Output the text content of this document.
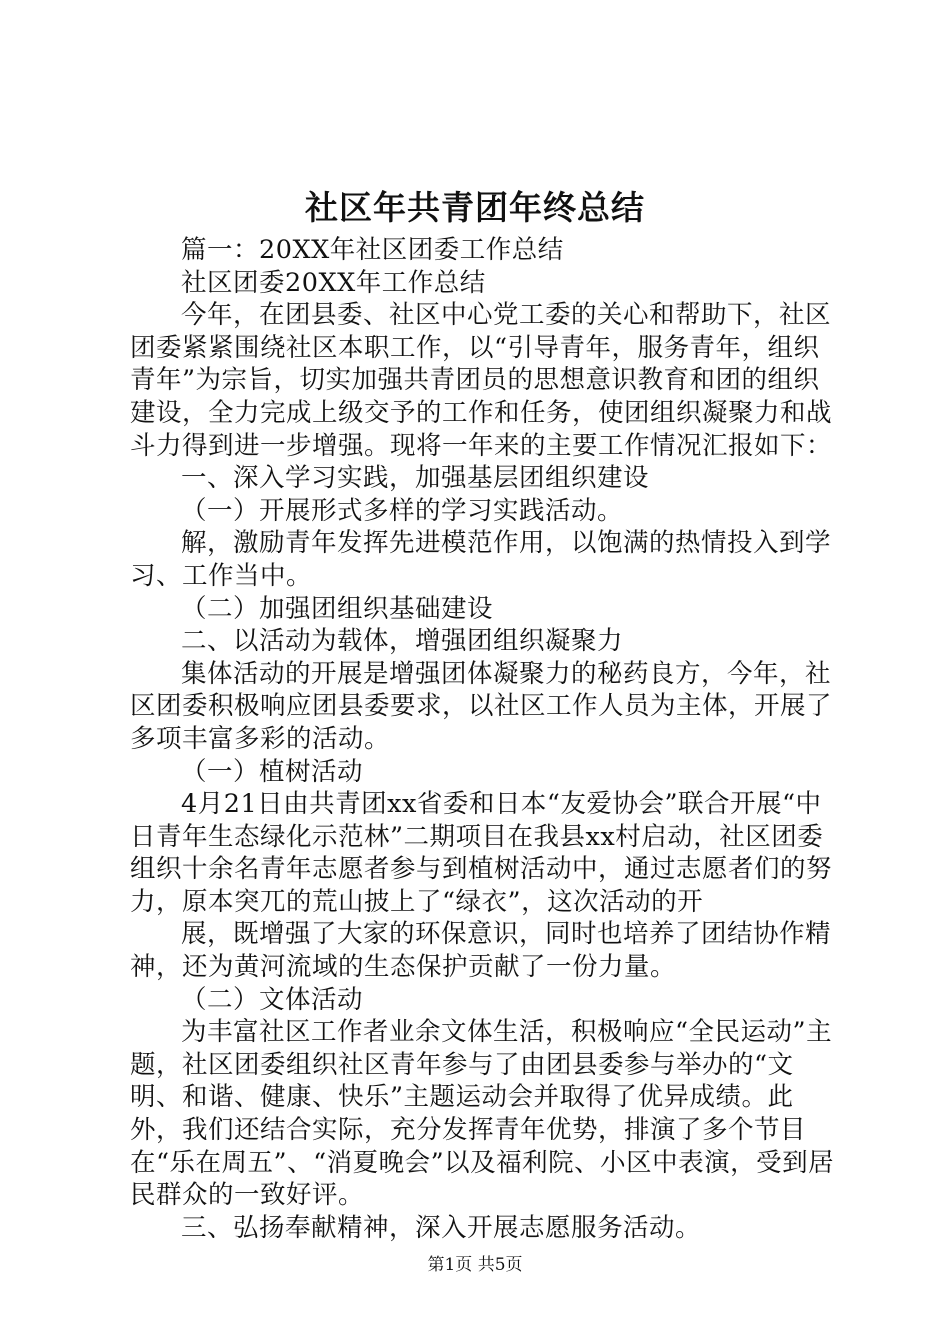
社区年共青团年终总结

篇一：20XX年社区团委工作总结

社区团委20XX年工作总结

今年，在团县委、社区中心党工委的关心和帮助下，社区团委紧紧围绕社区本职工作，以“引导青年，服务青年，组织青年”为宗旨，切实加强共青团员的思想意识教育和团的组织建设，全力完成上级交予的工作和任务，使团组织凝聚力和战斗力得到进一步增强。现将一年来的主要工作情况汇报如下：

一、深入学习实践，加强基层团组织建设

（一）开展形式多样的学习实践活动。

解，激励青年发挥先进模范作用，以饱满的热情投入到学习、工作当中。

（二）加强团组织基础建设

二、以活动为载体，增强团组织凝聚力

集体活动的开展是增强团体凝聚力的秘药良方，今年，社区团委积极响应团县委要求，以社区工作人员为主体，开展了多项丰富多彩的活动。

（一）植树活动

4月21日由共青团xx省委和日本“友爱协会”联合开展“中日青年生态绿化示范林”二期项目在我县xx村启动，社区团委组织十余名青年志愿者参与到植树活动中，通过志愿者们的努力，原本突兀的荒山披上了“绿衣”，这次活动的开

展，既增强了大家的环保意识，同时也培养了团结协作精神，还为黄河流域的生态保护贡献了一份力量。

（二）文体活动

为丰富社区工作者业余文体生活，积极响应“全民运动”主题，社区团委组织社区青年参与了由团县委参与举办的“文明、和谐、健康、快乐”主题运动会并取得了优异成绩。此外，我们还结合实际，充分发挥青年优势，排演了多个节目在“乐在周五”、“消夏晚会”以及福利院、小区中表演，受到居民群众的一致好评。

三、弘扬奉献精神，深入开展志愿服务活动。

第1页 共5页
